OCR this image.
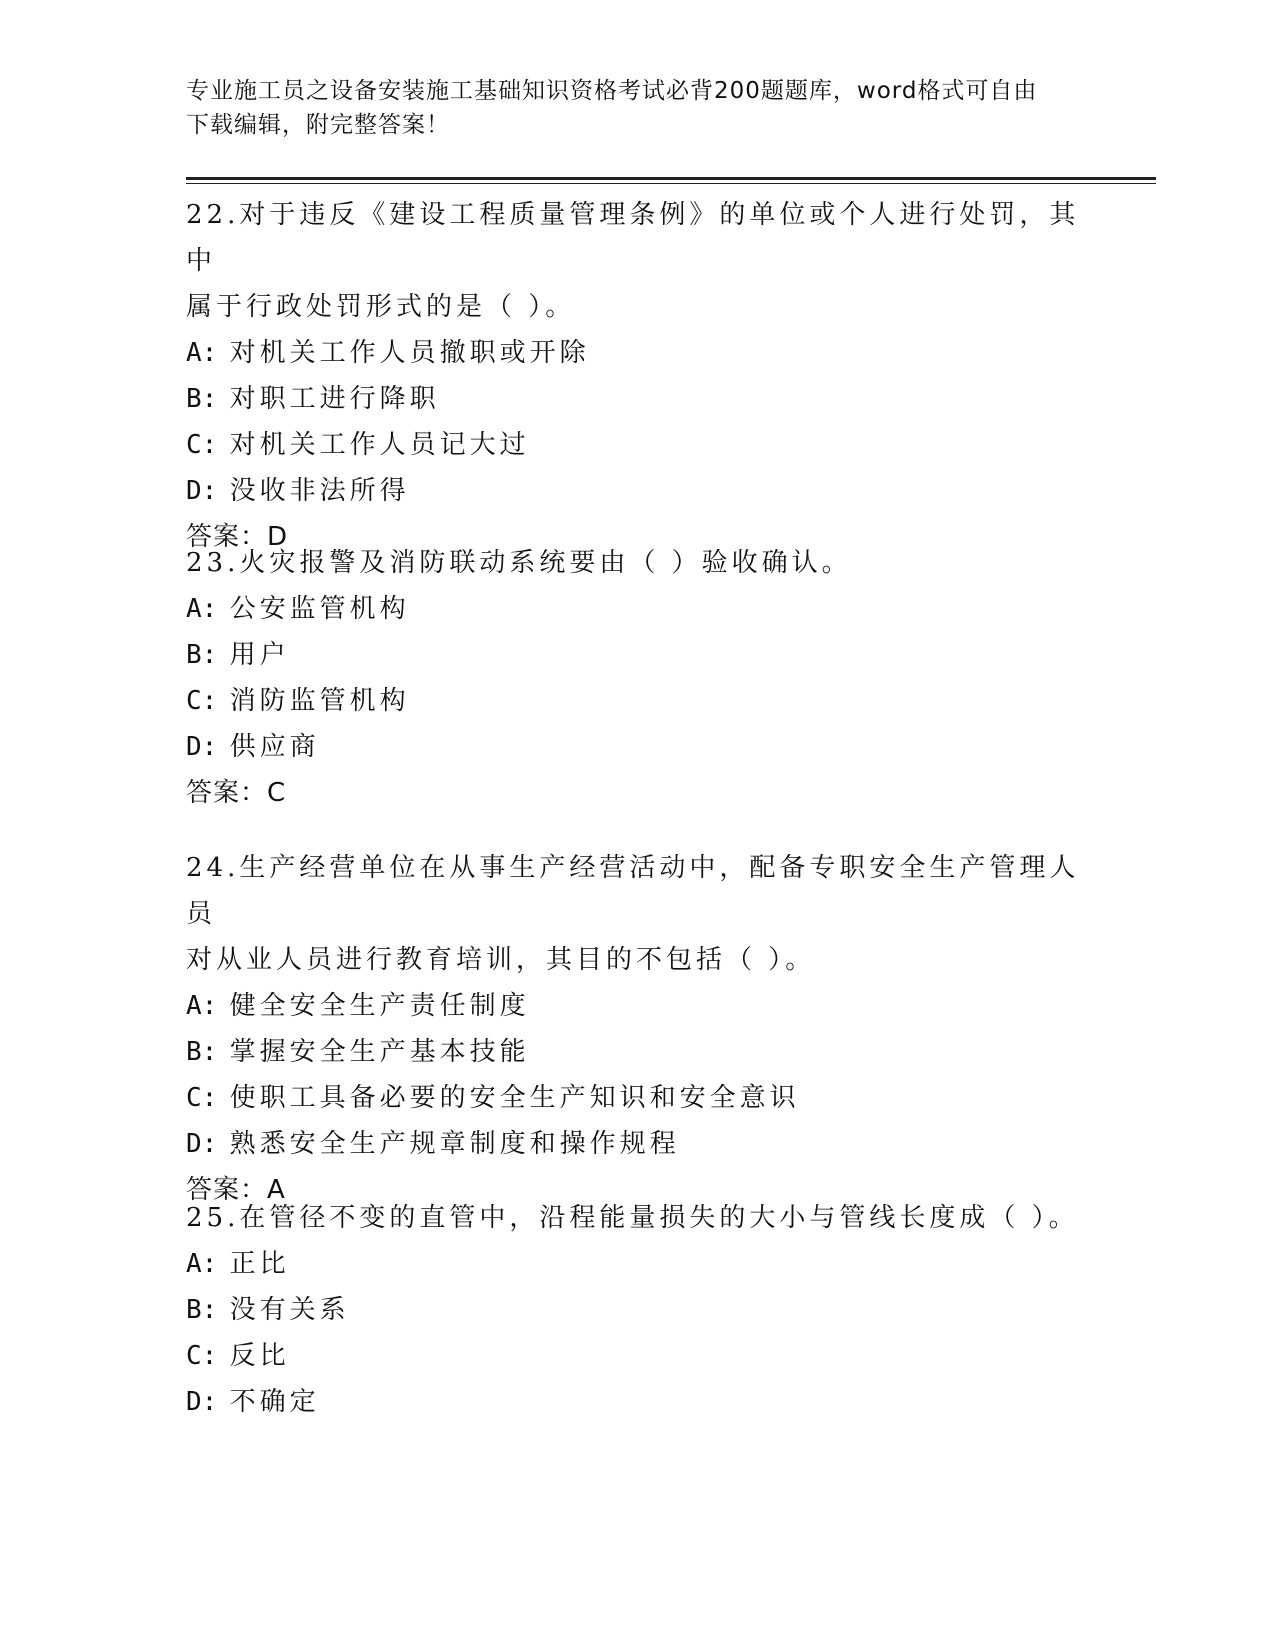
专业施工员之设备安装施工基础知识资格考试必背200题题库，word格式可自由
下载编辑，附完整答案！

22.对于违反《建设工程质量管理条例》的单位或个人进行处罚，其中

属于行政处罚形式的是（ ）。

A: 对机关工作人员撤职或开除

B: 对职工进行降职

C: 对机关工作人员记大过

D: 没收非法所得

答案：D

23.火灾报警及消防联动系统要由（ ）验收确认。

A: 公安监管机构

B: 用户

C: 消防监管机构

D: 供应商

答案：C

24.生产经营单位在从事生产经营活动中，配备专职安全生产管理人员

对从业人员进行教育培训，其目的不包括（ ）。

A: 健全安全生产责任制度

B: 掌握安全生产基本技能

C: 使职工具备必要的安全生产知识和安全意识

D: 熟悉安全生产规章制度和操作规程

答案：A

25.在管径不变的直管中，沿程能量损失的大小与管线长度成（ ）。

A: 正比

B: 没有关系

C: 反比

D: 不确定
